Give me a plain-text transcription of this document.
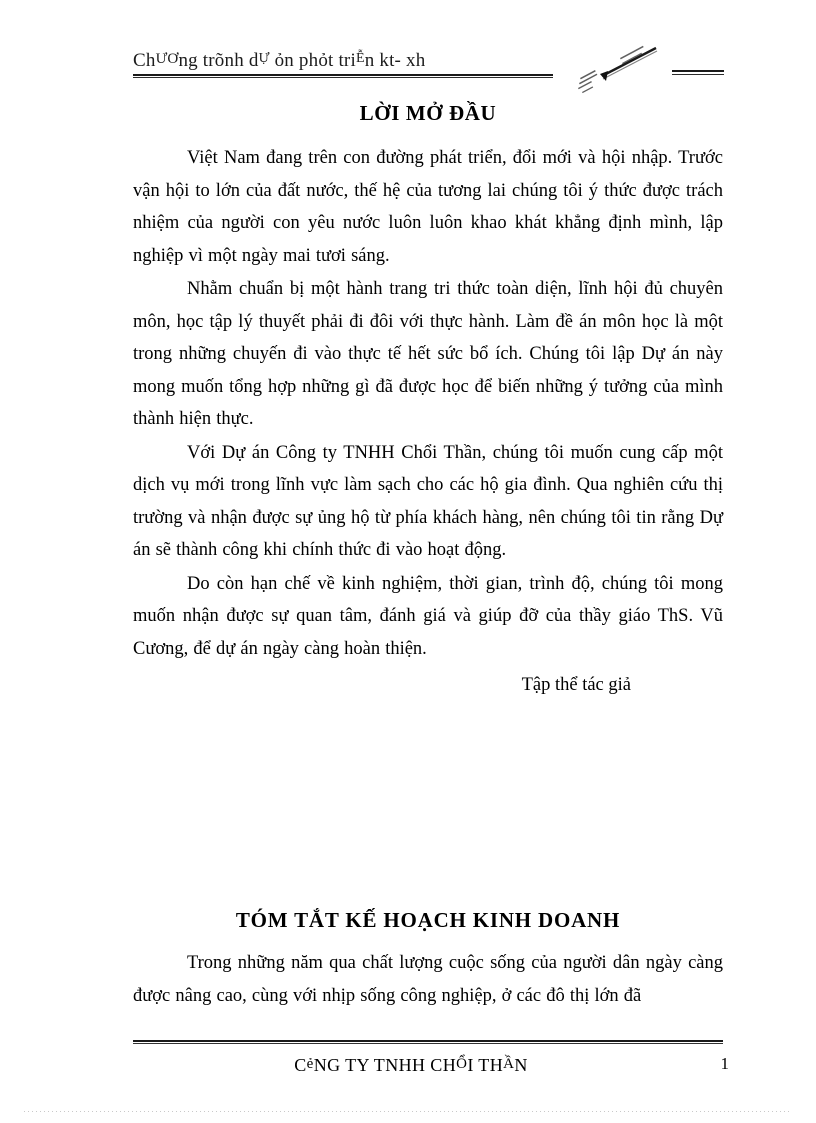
ChƯƠng trõnh $d^Ự$ ỏn phỏt tri$^Ễ$n kt- xh
LỜI MỞ ĐẦU

Việt Nam đang trên con đường phát triển, đổi mới và hội nhập. Trước vận hội to lớn của đất nước, thế hệ của tương lai chúng tôi ý thức được trách nhiệm của người con yêu nước luôn luôn khao khát khẳng định mình, lập nghiệp vì một ngày mai tươi sáng.

Nhằm chuẩn bị một hành trang tri thức toàn diện, lĩnh hội đủ chuyên môn, học tập lý thuyết phải đi đôi với thực hành. Làm đề án môn học là một trong những chuyến đi vào thực tế hết sức bổ ích. Chúng tôi lập Dự án này mong muốn tổng hợp những gì đã được học để biến những ý tưởng của mình thành hiện thực.

Với Dự án Công ty TNHH Chổi Thần, chúng tôi muốn cung cấp một dịch vụ mới trong lĩnh vực làm sạch cho các hộ gia đình. Qua nghiên cứu thị trường và nhận được sự ủng hộ từ phía khách hàng, nên chúng tôi tin rằng Dự án sẽ thành công khi chính thức đi vào hoạt động.

Do còn hạn chế về kinh nghiệm, thời gian, trình độ, chúng tôi mong muốn nhận được sự quan tâm, đánh giá và giúp đỡ của thầy giáo ThS. Vũ Cương, để dự án ngày càng hoàn thiện.

Tập thể tác giả
TÓM TẮT KẾ HOẠCH KINH DOANH

Trong những năm qua chất lượng cuộc sống của người dân ngày càng được nâng cao, cùng với nhịp sống công nghiệp, ở các đô thị lớn đã

CẻNG TY TNHH CHỔI THẦN	1
